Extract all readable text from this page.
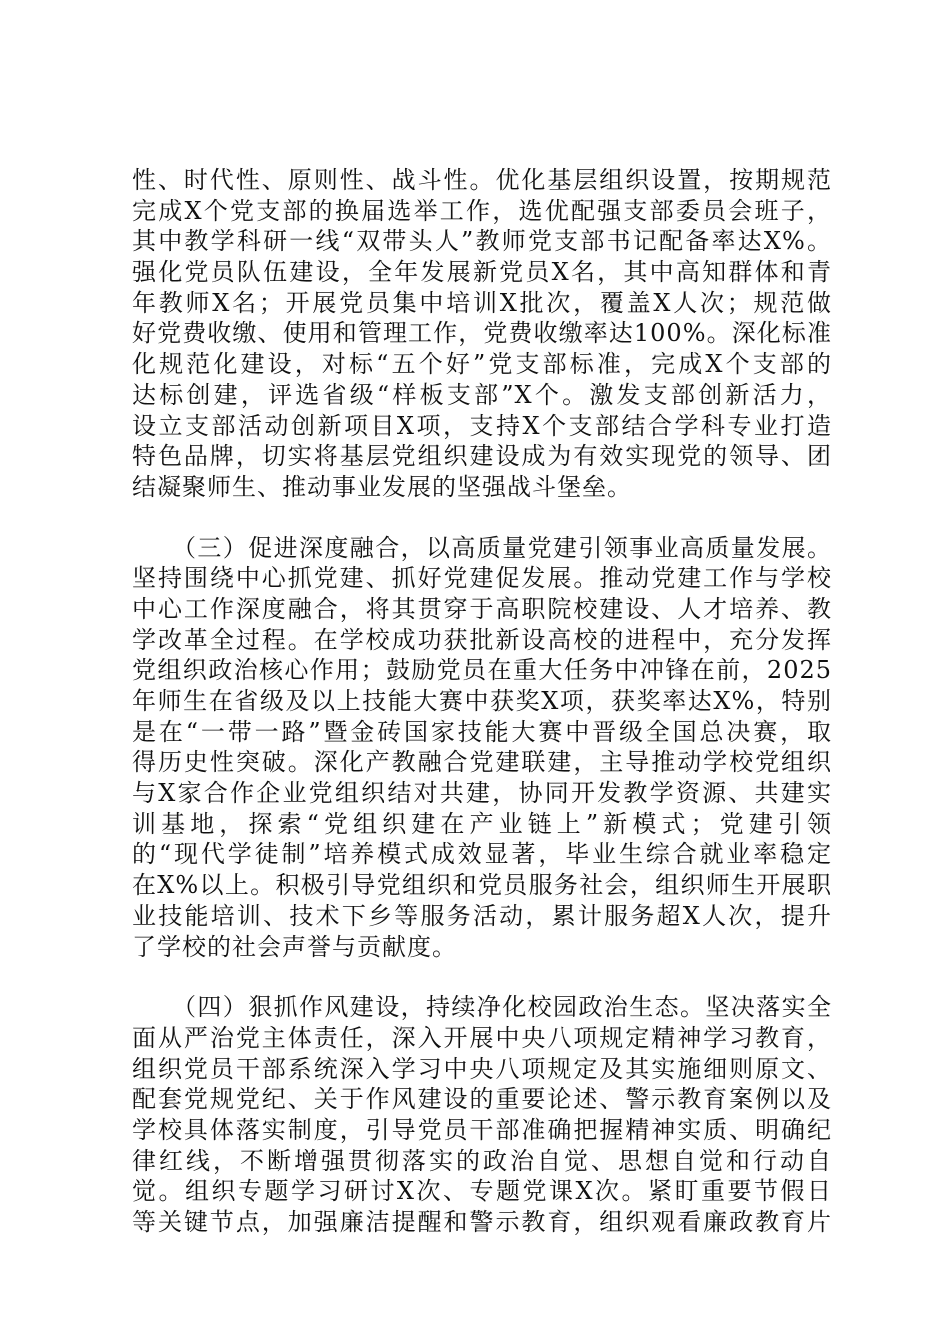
性、时代性、原则性、战斗性。优化基层组织设置，按期规范
完成X个党支部的换届选举工作，选优配强支部委员会班子，
其中教学科研一线“双带头人”教师党支部书记配备率达X%。
强化党员队伍建设，全年发展新党员X名，其中高知群体和青
年教师X名；开展党员集中培训X批次，覆盖X人次；规范做
好党费收缴、使用和管理工作，党费收缴率达100%。深化标准
化规范化建设，对标“五个好”党支部标准，完成X个支部的
达标创建，评选省级“样板支部”X个。激发支部创新活力，
设立支部活动创新项目X项，支持X个支部结合学科专业打造
特色品牌，切实将基层党组织建设成为有效实现党的领导、团
结凝聚师生、推动事业发展的坚强战斗堡垒。
（三）促进深度融合，以高质量党建引领事业高质量发展。
坚持围绕中心抓党建、抓好党建促发展。推动党建工作与学校
中心工作深度融合，将其贯穿于高职院校建设、人才培养、教
学改革全过程。在学校成功获批新设高校的进程中，充分发挥
党组织政治核心作用；鼓励党员在重大任务中冲锋在前，2025
年师生在省级及以上技能大赛中获奖X项，获奖率达X%，特别
是在“一带一路”暨金砖国家技能大赛中晋级全国总决赛，取
得历史性突破。深化产教融合党建联建，主导推动学校党组织
与X家合作企业党组织结对共建，协同开发教学资源、共建实
训基地，探索“党组织建在产业链上”新模式；党建引领
的“现代学徒制”培养模式成效显著，毕业生综合就业率稳定
在X%以上。积极引导党组织和党员服务社会，组织师生开展职
业技能培训、技术下乡等服务活动，累计服务超X人次，提升
了学校的社会声誉与贡献度。
（四）狠抓作风建设，持续净化校园政治生态。坚决落实全
面从严治党主体责任，深入开展中央八项规定精神学习教育，
组织党员干部系统深入学习中央八项规定及其实施细则原文、
配套党规党纪、关于作风建设的重要论述、警示教育案例以及
学校具体落实制度，引导党员干部准确把握精神实质、明确纪
律红线，不断增强贯彻落实的政治自觉、思想自觉和行动自
觉。组织专题学习研讨X次、专题党课X次。紧盯重要节假日
等关键节点，加强廉洁提醒和警示教育，组织观看廉政教育片
